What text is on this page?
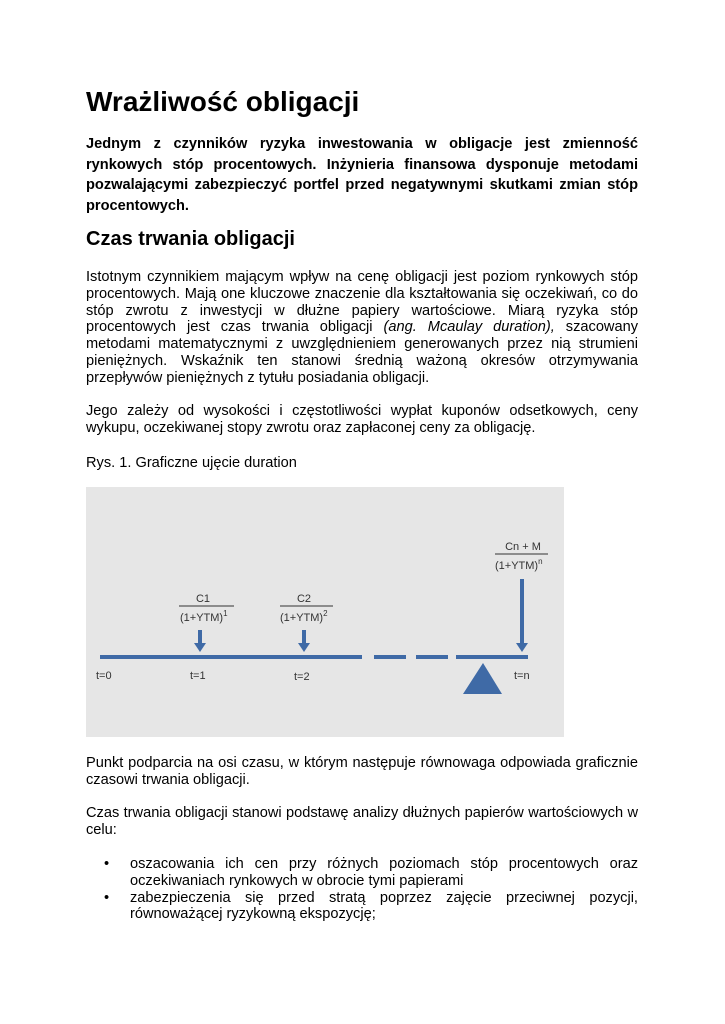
Wrażliwość obligacji

Jednym z czynników ryzyka inwestowania w obligacje jest zmienność rynkowych stóp procentowych. Inżynieria finansowa dysponuje metodami pozwalającymi zabezpieczyć portfel przed negatywnymi skutkami zmian stóp procentowych.

Czas trwania obligacji

Istotnym czynnikiem mającym wpływ na cenę obligacji jest poziom rynkowych stóp procentowych. Mają one kluczowe znaczenie dla kształtowania się oczekiwań, co do stóp zwrotu z inwestycji w dłużne papiery wartościowe. Miarą ryzyka stóp procentowych jest czas trwania obligacji (ang. Mcaulay duration), szacowany metodami matematycznymi z uwzględnieniem generowanych przez nią strumieni pieniężnych. Wskaźnik ten stanowi średnią ważoną okresów otrzymywania przepływów pieniężnych z tytułu posiadania obligacji.

Jego zależy od wysokości i częstotliwości wypłat kuponów odsetkowych, ceny wykupu, oczekiwanej stopy zwrotu oraz zapłaconej ceny za obligację.

Rys. 1. Graficzne ujęcie duration

C1
$(1+YTM)^1$
C2
$(1+YTM)^2$
Cn + M
$(1+YTM)^n$
t=0	t=1	t=2	t=n

Punkt podparcia na osi czasu, w którym następuje równowaga odpowiada graficznie czasowi trwania obligacji.

Czas trwania obligacji stanowi podstawę analizy dłużnych papierów wartościowych w celu:

• oszacowania ich cen przy różnych poziomach stóp procentowych oraz oczekiwaniach rynkowych w obrocie tymi papierami
• zabezpieczenia się przed stratą poprzez zajęcie przeciwnej pozycji, równoważącej ryzykowną ekspozycję;
